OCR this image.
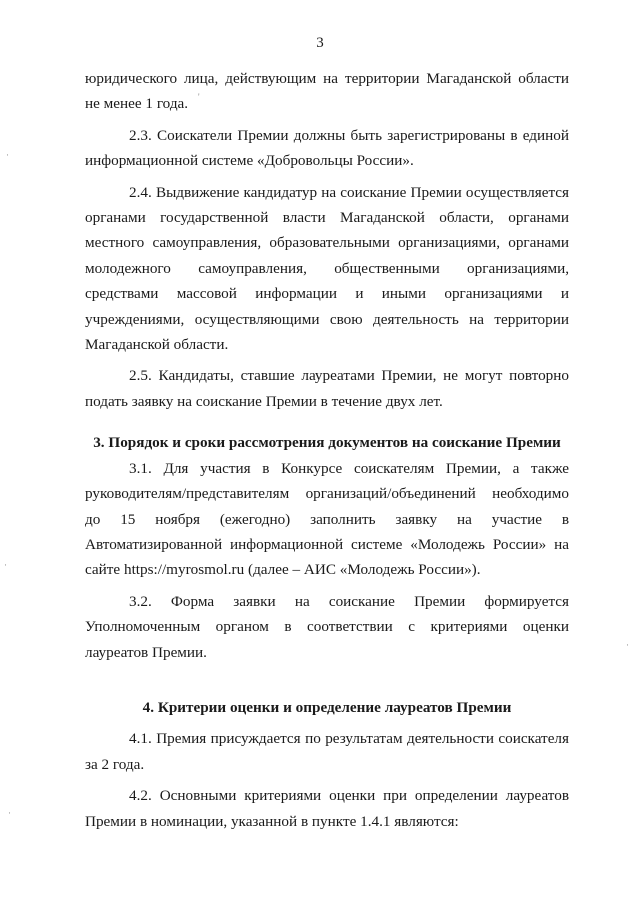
3
юридического лица, действующим на территории Магаданской области
не менее 1 года.
2.3. Соискатели Премии должны быть зарегистрированы в единой
информационной системе «Добровольцы России».
2.4. Выдвижение кандидатур на соискание Премии осуществляется
органами государственной власти Магаданской области, органами
местного самоуправления, образовательными организациями, органами
молодежного самоуправления, общественными организациями,
средствами массовой информации и иными организациями и
учреждениями, осуществляющими свою деятельность на территории
Магаданской области.
2.5. Кандидаты, ставшие лауреатами Премии, не могут повторно
подать заявку на соискание Премии в течение двух лет.
3. Порядок и сроки рассмотрения документов на соискание Премии
3.1. Для участия в Конкурсе соискателям Премии, а также
руководителям/представителям организаций/объединений необходимо
до 15 ноября (ежегодно) заполнить заявку на участие в
Автоматизированной информационной системе «Молодежь России» на
сайте https://myrosmol.ru (далее – АИС «Молодежь России»).
3.2. Форма заявки на соискание Премии формируется
Уполномоченным органом в соответствии с критериями оценки
лауреатов Премии.
4. Критерии оценки и определение лауреатов Премии
4.1. Премия присуждается по результатам деятельности соискателя
за 2 года.
4.2. Основными критериями оценки при определении лауреатов
Премии в номинации, указанной в пункте 1.4.1 являются:
·
·
·
·
'
